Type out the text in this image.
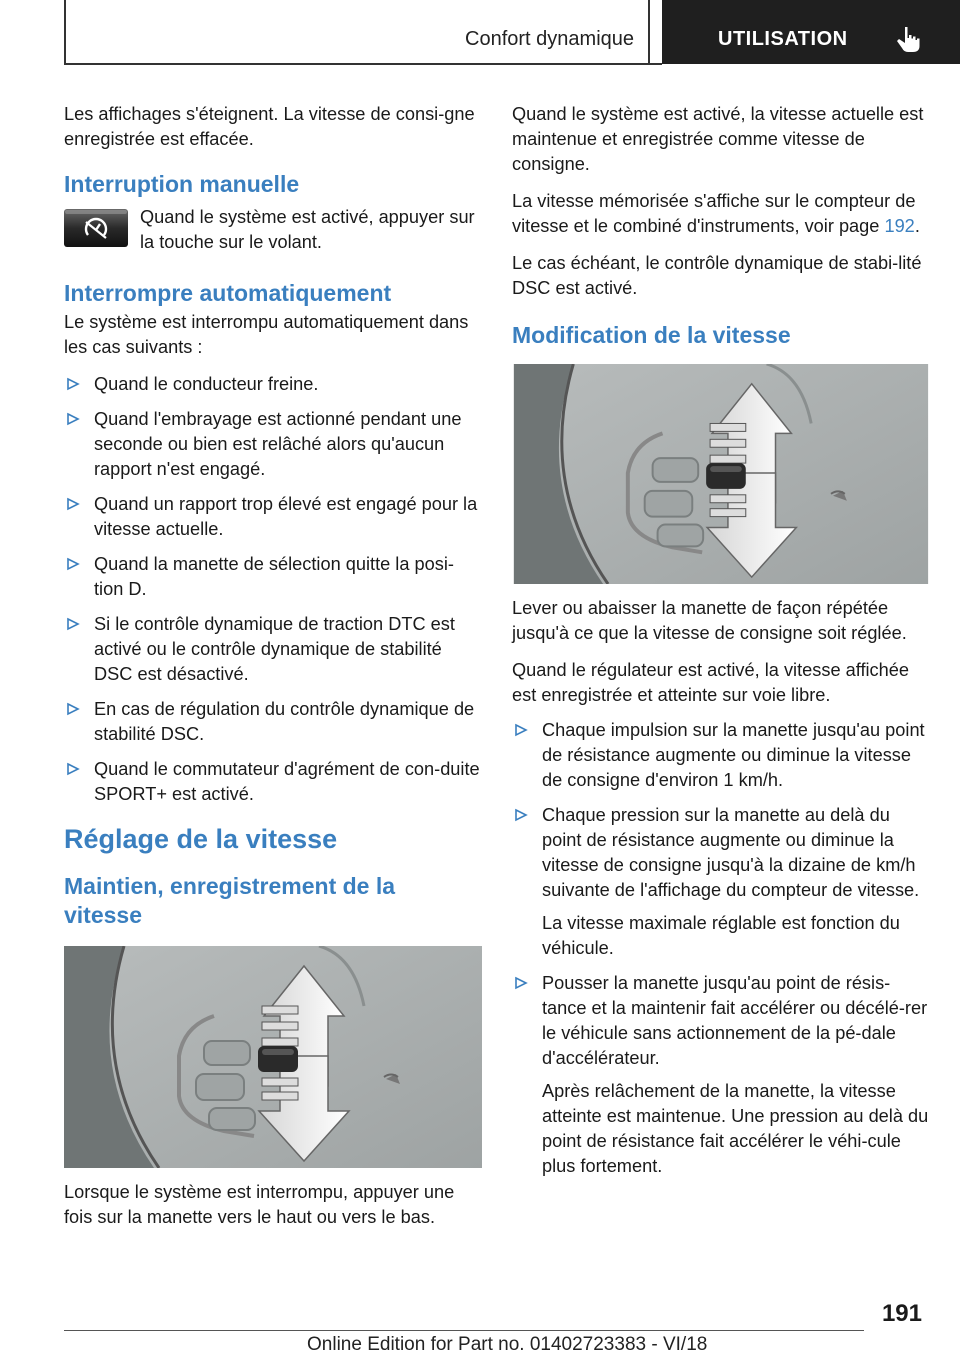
Confort dynamique	UTILISATION

Les affichages s'éteignent. La vitesse de consi-gne enregistrée est effacée.

Interruption manuelle

Quand le système est activé, appuyer sur la touche sur le volant.

Interrompre automatiquement

Le système est interrompu automatiquement dans les cas suivants :

Quand le conducteur freine.
Quand l'embrayage est actionné pendant une seconde ou bien est relâché alors qu'aucun rapport n'est engagé.
Quand un rapport trop élevé est engagé pour la vitesse actuelle.
Quand la manette de sélection quitte la posi-tion D.
Si le contrôle dynamique de traction DTC est activé ou le contrôle dynamique de stabilité DSC est désactivé.
En cas de régulation du contrôle dynamique de stabilité DSC.
Quand le commutateur d'agrément de con-duite SPORT+ est activé.
Réglage de la vitesse
Maintien, enregistrement de la vitesse

Lorsque le système est interrompu, appuyer une fois sur la manette vers le haut ou vers le bas.

Quand le système est activé, la vitesse actuelle est maintenue et enregistrée comme vitesse de consigne.

La vitesse mémorisée s'affiche sur le compteur de vitesse et le combiné d'instruments, voir page 192.

Le cas échéant, le contrôle dynamique de stabi-lité DSC est activé.

Modification de la vitesse

Lever ou abaisser la manette de façon répétée jusqu'à ce que la vitesse de consigne soit réglée.

Quand le régulateur est activé, la vitesse affichée est enregistrée et atteinte sur voie libre.

Chaque impulsion sur la manette jusqu'au point de résistance augmente ou diminue la vitesse de consigne d'environ 1 km/h.
Chaque pression sur la manette au delà du point de résistance augmente ou diminue la vitesse de consigne jusqu'à la dizaine de km/h suivante de l'affichage du compteur de vitesse.
La vitesse maximale réglable est fonction du véhicule.
Pousser la manette jusqu'au point de résis-tance et la maintenir fait accélérer ou décélé-rer le véhicule sans actionnement de la pé-dale d'accélérateur.
Après relâchement de la manette, la vitesse atteinte est maintenue. Une pression au delà du point de résistance fait accélérer le véhi-cule plus fortement.
191
Online Edition for Part no. 01402723383 - VI/18
